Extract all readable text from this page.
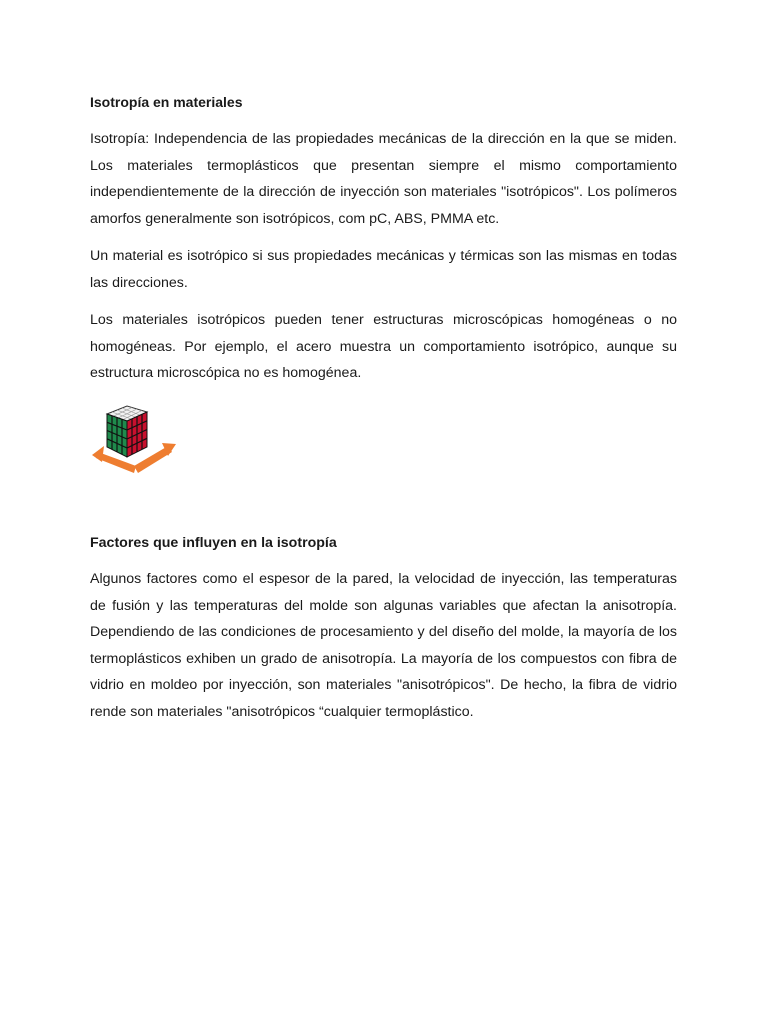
Isotropía en materiales

Isotropía: Independencia de las propiedades mecánicas de la dirección en la que se miden. Los materiales termoplásticos que presentan siempre el mismo comportamiento independientemente de la dirección de inyección son materiales "isotrópicos". Los polímeros amorfos generalmente son isotrópicos, com pC, ABS, PMMA etc.

Un material es isotrópico si sus propiedades mecánicas y térmicas son las mismas en todas las direcciones.

Los materiales isotrópicos pueden tener estructuras microscópicas homogéneas o no homogéneas. Por ejemplo, el acero muestra un comportamiento isotrópico, aunque su estructura microscópica no es homogénea.

Factores que influyen en la isotropía

Algunos factores como el espesor de la pared, la velocidad de inyección, las temperaturas de fusión y las temperaturas del molde son algunas variables que afectan la anisotropía. Dependiendo de las condiciones de procesamiento y del diseño del molde, la mayoría de los termoplásticos exhiben un grado de anisotropía. La mayoría de los compuestos con fibra de vidrio en moldeo por inyección, son materiales "anisotrópicos". De hecho, la fibra de vidrio rende son materiales "anisotrópicos “cualquier termoplástico.
